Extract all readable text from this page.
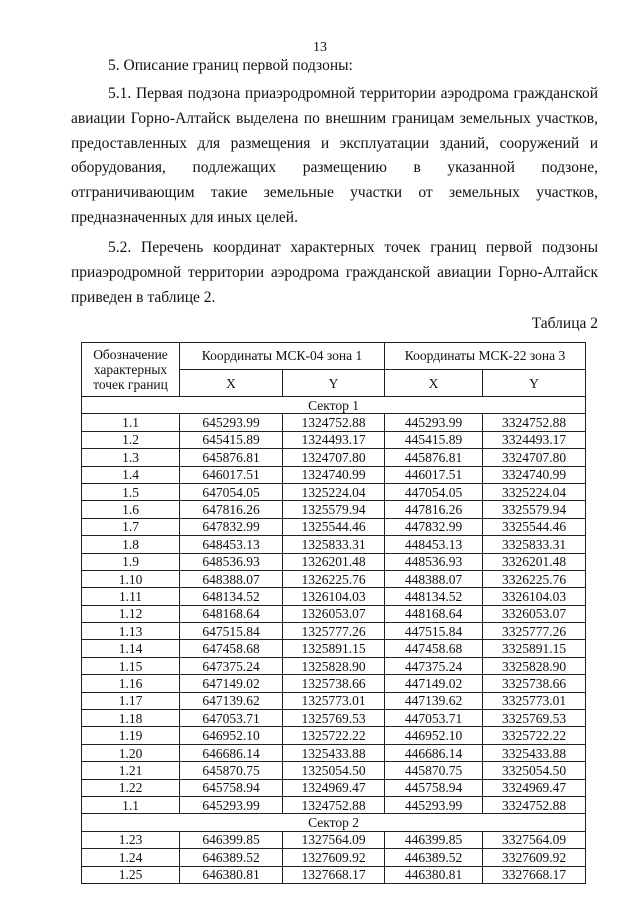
13

5. Описание границ первой подзоны:

5.1. Первая подзона приаэродромной территории аэродрома гражданской авиации Горно-Алтайск выделена по внешним границам земельных участков, предоставленных для размещения и эксплуатации зданий, сооружений и оборудования, подлежащих размещению в указанной подзоне, отграничивающим такие земельные участки от земельных участков, предназначенных для иных целей.

5.2. Перечень координат характерных точек границ первой подзоны приаэродромной территории аэродрома гражданской авиации Горно-Алтайск приведен в таблице 2.

Таблица 2
Обозначение характерных точек границ	Координаты МСК-04 зона 1		Координаты МСК-22 зона 3	
	X	Y	X	Y
Сектор 1				
1.1	645293.99	1324752.88	445293.99	3324752.88
1.2	645415.89	1324493.17	445415.89	3324493.17
1.3	645876.81	1324707.80	445876.81	3324707.80
1.4	646017.51	1324740.99	446017.51	3324740.99
1.5	647054.05	1325224.04	447054.05	3325224.04
1.6	647816.26	1325579.94	447816.26	3325579.94
1.7	647832.99	1325544.46	447832.99	3325544.46
1.8	648453.13	1325833.31	448453.13	3325833.31
1.9	648536.93	1326201.48	448536.93	3326201.48
1.10	648388.07	1326225.76	448388.07	3326225.76
1.11	648134.52	1326104.03	448134.52	3326104.03
1.12	648168.64	1326053.07	448168.64	3326053.07
1.13	647515.84	1325777.26	447515.84	3325777.26
1.14	647458.68	1325891.15	447458.68	3325891.15
1.15	647375.24	1325828.90	447375.24	3325828.90
1.16	647149.02	1325738.66	447149.02	3325738.66
1.17	647139.62	1325773.01	447139.62	3325773.01
1.18	647053.71	1325769.53	447053.71	3325769.53
1.19	646952.10	1325722.22	446952.10	3325722.22
1.20	646686.14	1325433.88	446686.14	3325433.88
1.21	645870.75	1325054.50	445870.75	3325054.50
1.22	645758.94	1324969.47	445758.94	3324969.47
1.1	645293.99	1324752.88	445293.99	3324752.88
Сектор 2				
1.23	646399.85	1327564.09	446399.85	3327564.09
1.24	646389.52	1327609.92	446389.52	3327609.92
1.25	646380.81	1327668.17	446380.81	3327668.17
